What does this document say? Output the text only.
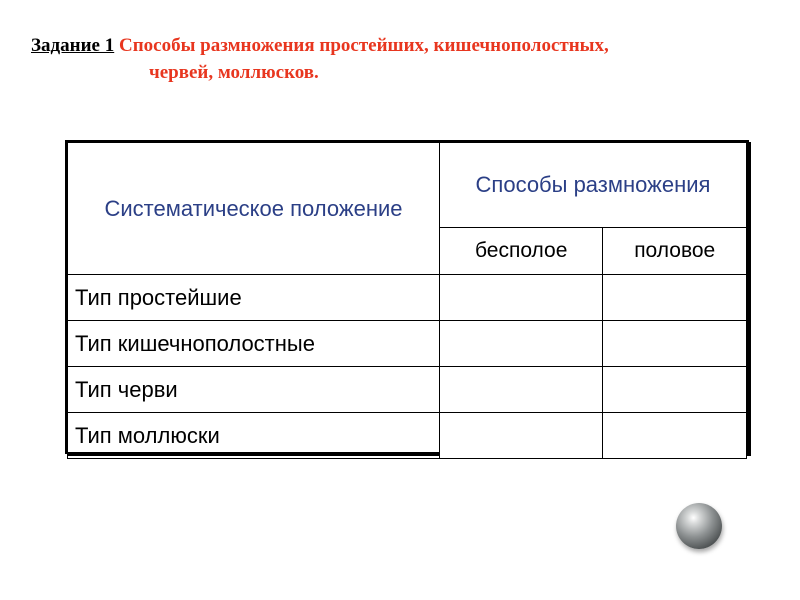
Задание 1 Способы размножения простейших, кишечнополостных,
червей, моллюсков.
Систематическое положение	Способы размножения	
	бесполое	половое
Тип простейшие		
Тип кишечнополостные		
Тип черви		
Тип моллюски		
